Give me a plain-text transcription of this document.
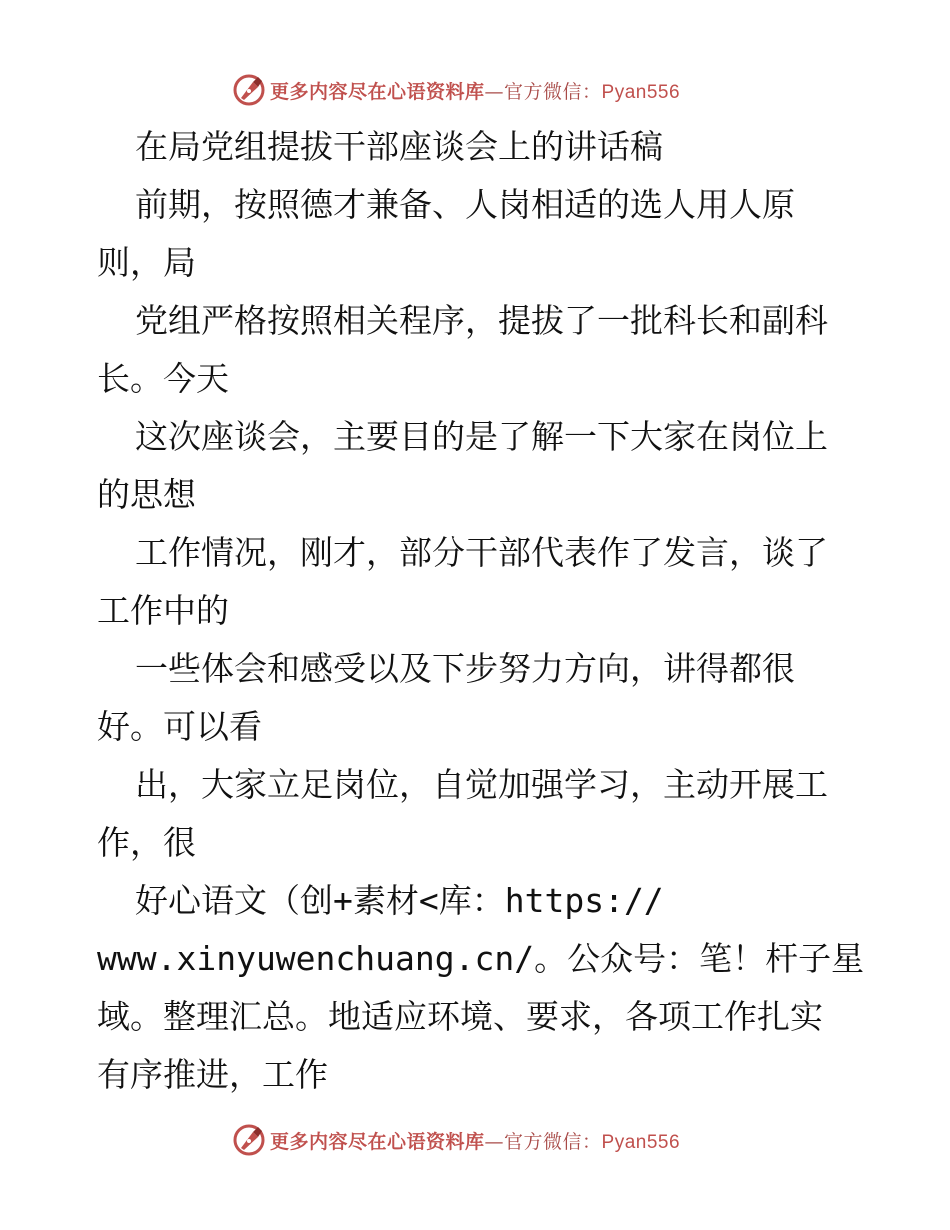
更多内容尽在心语资料库—官方微信：Pyan556
在局党组提拔干部座谈会上的讲话稿
前期，按照德才兼备、人岗相适的选人用人原
则，局
党组严格按照相关程序，提拔了一批科长和副科
长。今天
这次座谈会，主要目的是了解一下大家在岗位上
的思想
工作情况，刚才，部分干部代表作了发言，谈了
工作中的
一些体会和感受以及下步努力方向，讲得都很
好。可以看
出，大家立足岗位，自觉加强学习，主动开展工
作，很
好心语文（创+素材<库：https://
www.xinyuwenchuang.cn/。公众号：笔！杆子星
域。整理汇总。地适应环境、要求，各项工作扎实
有序推进，工作
更多内容尽在心语资料库—官方微信：Pyan556
